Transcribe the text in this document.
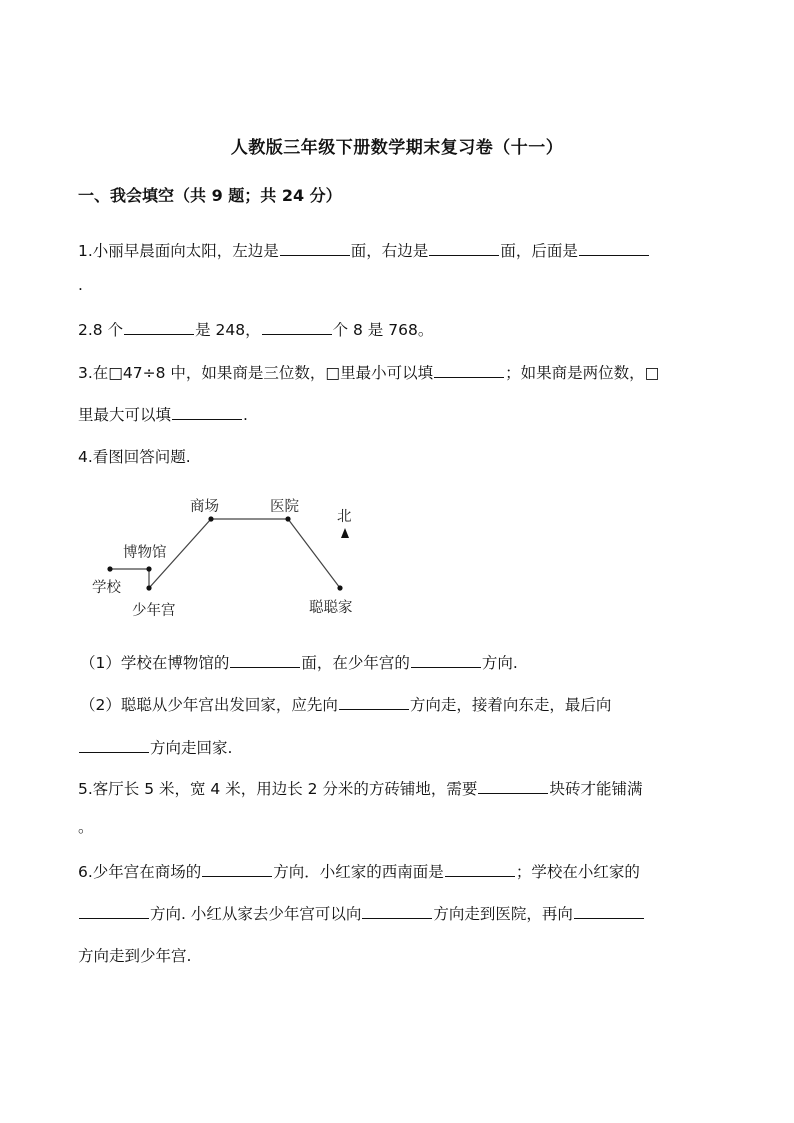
人教版三年级下册数学期末复习卷（十一）
一、我会填空（共 9 题；共 24 分）
1.小丽早晨面向太阳，左边是	面，右边是	面，后面是
.
2.8 个	是 248，	个 8 是 768。
3.在□47÷8 中，如果商是三位数，□里最小可以填	；如果商是两位数，□
里最大可以填	.
4.看图回答问题.
博物馆
学校
少年宫
商场	医院
聪聪家
北
（1）学校在博物馆的	面，在少年宫的	方向.
（2）聪聪从少年宫出发回家，应先向	方向走，接着向东走，最后向
方向走回家.
5.客厅长 5 米，宽 4 米，用边长 2 分米的方砖铺地，需要	块砖才能铺满
。
6.少年宫在商场的	方向．小红家的西南面是	；学校在小红家的
方向. 小红从家去少年宫可以向	方向走到医院，再向
方向走到少年宫.
